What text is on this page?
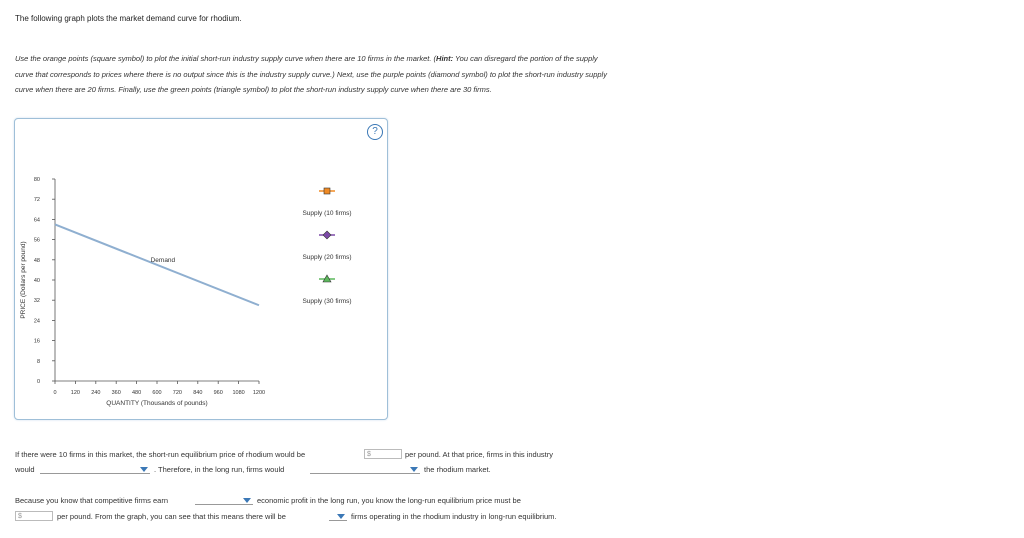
The following graph plots the market demand curve for rhodium.
Use the orange points (square symbol) to plot the initial short-run industry supply curve when there are 10 firms in the market. (Hint: You can disregard the portion of the supply curve that corresponds to prices where there is no output since this is the industry supply curve.) Next, use the purple points (diamond symbol) to plot the short-run industry supply curve when there are 20 firms. Finally, use the green points (triangle symbol) to plot the short-run industry supply curve when there are 30 firms.
?
0
8
16
24
32
40
48
56
64
72
80
0	120 240 360 480 600 720 840 960 1080 1200
QUANTITY (Thousands of pounds)
PRICE (Dollars per pound)	Demand
Supply (10 firms)
Supply (20 firms)
Supply (30 firms)
If there were 10 firms in this market, the short-run equilibrium price of rhodium would be	$	per pound. At that price, firms in this industry
would	. Therefore, in the long run, firms would	the rhodium market.
Because you know that competitive firms earn	economic profit in the long run, you know the long-run equilibrium price must be
$	per pound. From the graph, you can see that this means there will be	firms operating in the rhodium industry in long-run equilibrium.
